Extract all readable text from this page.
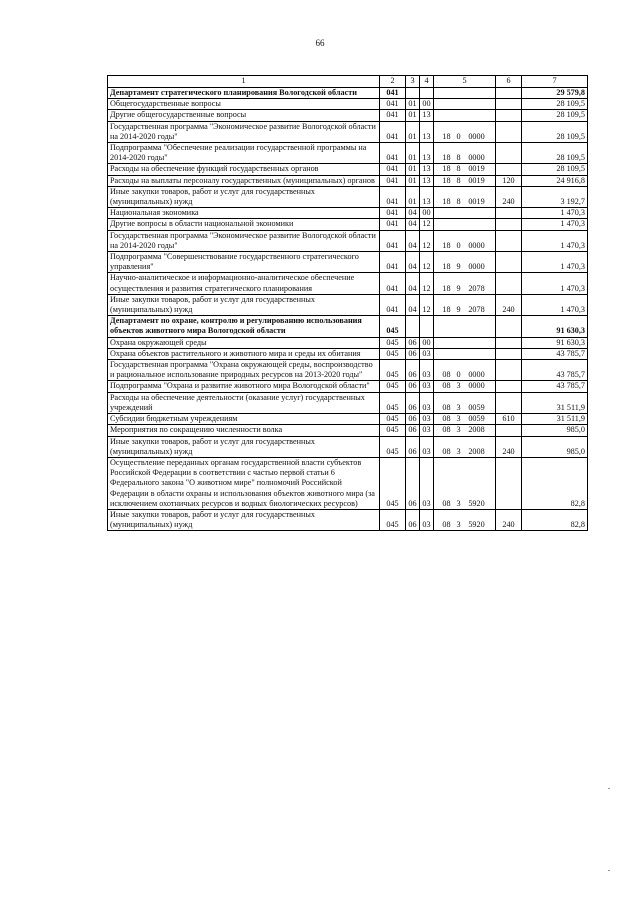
66
1	2	3	4	5	6	7
Департамент стратегического планирования Вологодской области	041					29 579,8
Общегосударственные вопросы	041	01	00			28 109,5
Другие общегосударственные вопросы	041	01	13			28 109,5
Государственная программа "Экономическое развитие Вологодской области на 2014-2020 годы"	041	01	13	18 0 0000		28 109,5
Подпрограмма "Обеспечение реализации государственной программы на 2014-2020 годы"	041	01	13	18 8 0000		28 109,5
Расходы на обеспечение функций государственных органов	041	01	13	18 8 0019		28 109,5
Расходы на выплаты персоналу государственных (муниципальных) органов	041	01	13	18 8 0019	120	24 916,8
Иные закупки товаров, работ и услуг для государственных (муниципальных) нужд	041	01	13	18 8 0019	240	3 192,7
Национальная экономика	041	04	00			1 470,3
Другие вопросы в области национальной экономики	041	04	12			1 470,3
Государственная программа "Экономическое развитие Вологодской области на 2014-2020 годы"	041	04	12	18 0 0000		1 470,3
Подпрограмма "Совершенствование государственного стратегического управления"	041	04	12	18 9 0000		1 470,3
Научно-аналитическое и информационно-аналитическое обеспечение осуществления и развития стратегического планирования	041	04	12	18 9 2078		1 470,3
Иные закупки товаров, работ и услуг для государственных (муниципальных) нужд	041	04	12	18 9 2078	240	1 470,3
Департамент по охране, контролю и регулированию использования объектов животного мира Вологодской области	045					91 630,3
Охрана окружающей среды	045	06	00			91 630,3
Охрана объектов растительного и животного мира и среды их обитания	045	06	03			43 785,7
Государственная программа "Охрана окружающей среды, воспроизводство и рациональное использование природных ресурсов на 2013-2020 годы"	045	06	03	08 0 0000		43 785,7
Подпрограмма "Охрана и развитие животного мира Вологодской области"	045	06	03	08 3 0000		43 785,7
Расходы на обеспечение деятельности (оказание услуг) государственных учреждений	045	06	03	08 3 0059		31 511,9
Субсидии бюджетным учреждениям	045	06	03	08 3 0059	610	31 511,9
Мероприятия по сокращению численности волка	045	06	03	08 3 2008		985,0
Иные закупки товаров, работ и услуг для государственных (муниципальных) нужд	045	06	03	08 3 2008	240	985,0
Осуществление переданных органам государственной власти субъектов Российской Федерации в соответствии с частью первой статьи 6 Федерального закона "О животном мире" полномочий Российской Федерации в области охраны и использования объектов животного мира (за исключением охотничьих ресурсов и водных биологических ресурсов)	045	06	03	08 3 5920		82,8
Иные закупки товаров, работ и услуг для государственных (муниципальных) нужд	045	06	03	08 3 5920	240	82,8
